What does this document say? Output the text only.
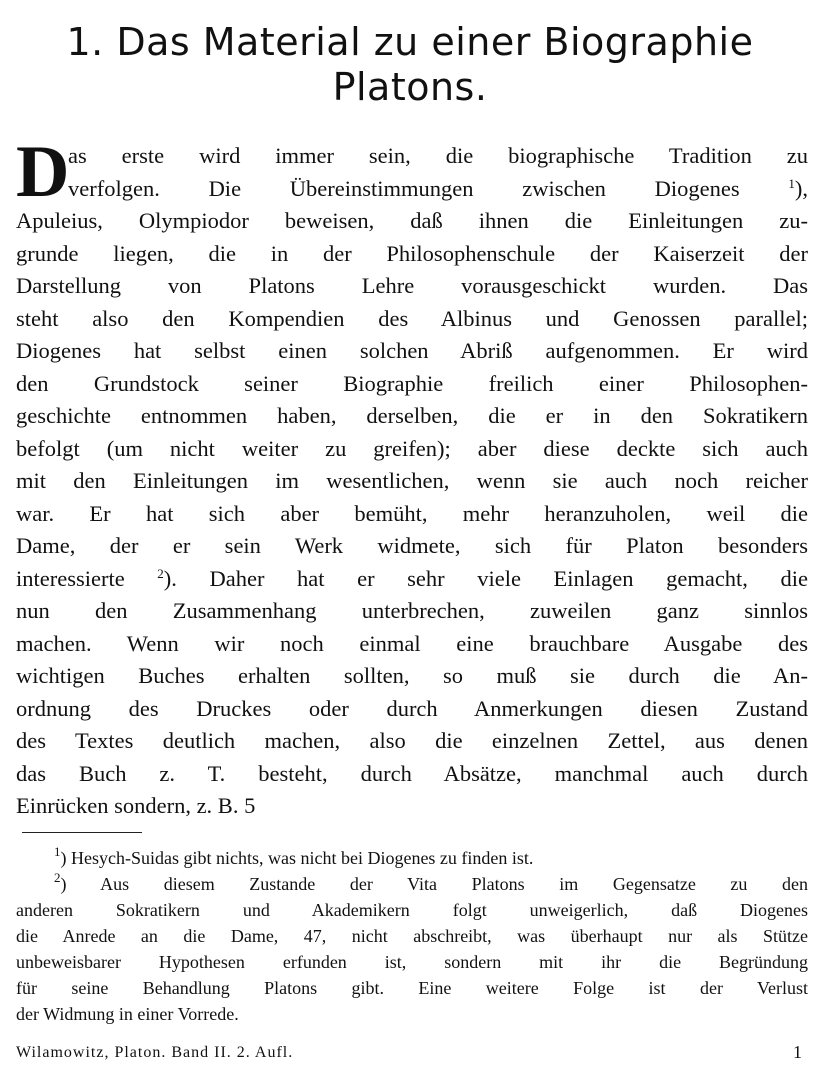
1. Das Material zu einer Biographie
Platons.
D
as erste wird immer sein, die biographische Tradition zu
verfolgen. Die Übereinstimmungen zwischen Diogenes	$^1$),
Apuleius, Olympiodor beweisen, daß ihnen die Einleitungen zu-
grunde liegen, die in der Philosophenschule der Kaiserzeit der
Darstellung von Platons Lehre vorausgeschickt wurden. Das
steht also den Kompendien des Albinus und Genossen parallel;
Diogenes hat selbst einen solchen Abriß aufgenommen. Er wird
den Grundstock seiner Biographie freilich einer Philosophen-
geschichte entnommen haben, derselben, die er in den Sokratikern
befolgt (um nicht weiter zu greifen); aber diese deckte sich auch
mit den Einleitungen im wesentlichen, wenn sie auch noch reicher
war. Er hat sich aber bemüht, mehr heranzuholen, weil die
Dame, der er sein Werk widmete, sich für Platon besonders
interessierte	$^2$). Daher hat er sehr viele Einlagen gemacht, die
nun den Zusammenhang unterbrechen, zuweilen ganz sinnlos
machen. Wenn wir noch einmal eine brauchbare Ausgabe des
wichtigen Buches erhalten sollten, so muß sie durch die An-
ordnung des Druckes oder durch Anmerkungen diesen Zustand
des Textes deutlich machen, also die einzelnen Zettel, aus denen
das Buch z. T. besteht, durch Absätze, manchmal auch durch
Einrücken sondern, z. B. 5
$^1$) Hesych-Suidas gibt nichts, was nicht bei Diogenes zu finden ist.
$^2$) Aus diesem Zustande der Vita Platons im Gegensatze zu den
anderen Sokratikern und Akademikern folgt unweigerlich, daß Diogenes
die Anrede an die Dame, 47, nicht abschreibt, was überhaupt nur als Stütze
unbeweisbarer Hypothesen erfunden ist, sondern mit ihr die Begründung
für seine Behandlung Platons gibt. Eine weitere Folge ist der Verlust
der Widmung in einer Vorrede.
Wilamowitz, Platon. Band II. 2. Aufl.	1
